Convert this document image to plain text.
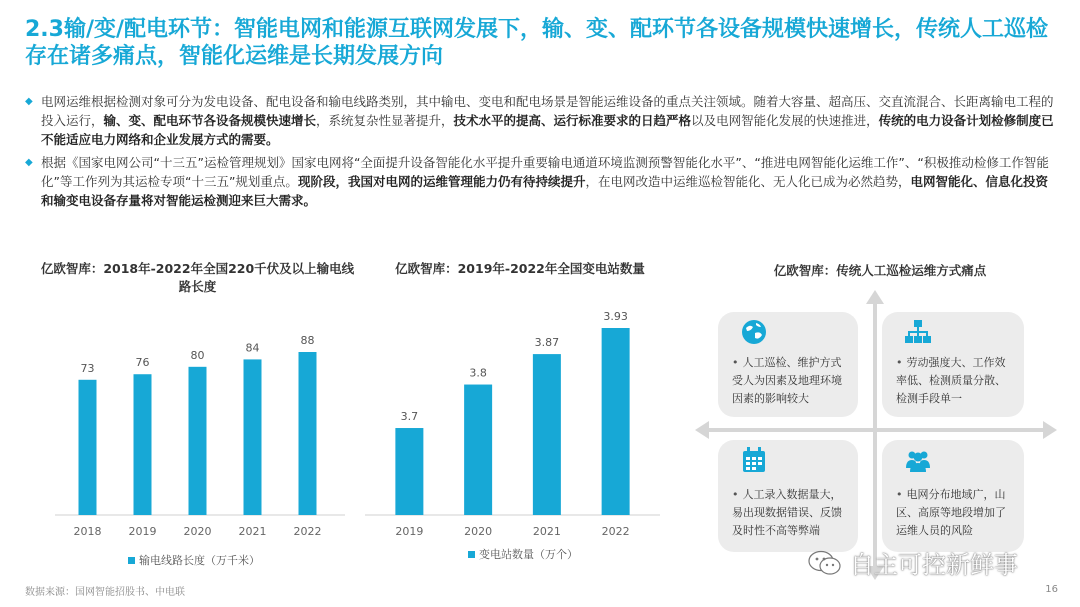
2.3输/变/配电环节：智能电网和能源互联网发展下，输、变、配环节各设备规模快速增长，传统人工巡检存在诸多痛点，智能化运维是长期发展方向
◆ 电网运维根据检测对象可分为发电设备、配电设备和输电线路类别，其中输电、变电和配电场景是智能运维设备的重点关注领域。随着大容量、超高压、交直流混合、长距离输电工程的投入运行，输、变、配电环节各设备规模快速增长，系统复杂性显著提升，技术水平的提高、运行标准要求的日趋严格以及电网智能化发展的快速推进，传统的电力设备计划检修制度已不能适应电力网络和企业发展方式的需要。
◆ 根据《国家电网公司“十三五”运检管理规划》国家电网将“全面提升设备智能化水平提升重要输电通道环境监测预警智能化水平”、“推进电网智能化运维工作”、“积极推动检修工作智能化”等工作列为其运检专项“十三五”规划重点。现阶段，我国对电网的运维管理能力仍有待持续提升，在电网改造中运维巡检智能化、无人化已成为必然趋势，电网智能化、信息化投资和输变电设备存量将对智能运检测迎来巨大需求。
亿欧智库：2018年-2022年全国220千伏及以上输电线路长度
73
2018
76
2019
80
2020
84
2021
88
2022
输电线路长度（万千米）
亿欧智库：2019年-2022年全国变电站数量
3.7
2019
3.8
2020
3.87
2021
3.93
2022
变电站数量（万个）
亿欧智库：传统人工巡检运维方式痛点
• 人工巡检、维护方式受人为因素及地理环境因素的影响较大
• 劳动强度大、工作效率低、检测质量分散、检测手段单一
• 人工录入数据量大，易出现数据错误、反馈及时性不高等弊端
• 电网分布地域广，山区、高原等地段增加了运维人员的风险
数据来源：国网智能招股书、中电联	16
自主可控新鲜事
